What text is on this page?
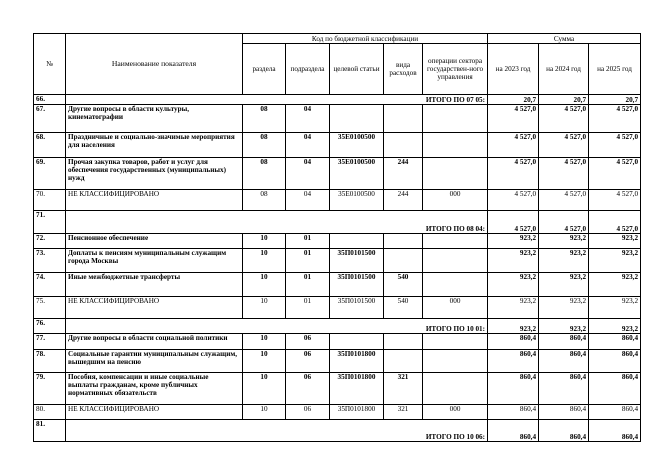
№	Наименование показателя	Код по бюджетной классификации					Сумма		
		раздела	подраздела	целевой статьи	вида расходов	операции сектора государствен-ного управления	на 2023 год	на 2024 год	на 2025 год
66.	ИТОГО ПО 07 05:						20,7	20,7	20,7
67.	Другие вопросы в области культуры, кинематографии	08	04				4 527,0	4 527,0	4 527,0
68.	Праздничные и социально-значимые мероприятия для населения	08	04	35Е0100500			4 527,0	4 527,0	4 527,0
69.	Прочая закупка товаров, работ и услуг для обеспечения государственных (муниципальных) нужд	08	04	35Е0100500	244		4 527,0	4 527,0	4 527,0
70.	НЕ КЛАССИФИЦИРОВАНО	08	04	35Е0100500	244	000	4 527,0	4 527,0	4 527,0
71.	ИТОГО ПО 08 04:						4 527,0	4 527,0	4 527,0
72.	Пенсионное обеспечение	10	01				923,2	923,2	923,2
73.	Доплаты к пенсиям муниципальным служащим города Москвы	10	01	35П0101500			923,2	923,2	923,2
74.	Иные межбюджетные трансферты	10	01	35П0101500	540		923,2	923,2	923,2
75.	НЕ КЛАССИФИЦИРОВАНО	10	01	35П0101500	540	000	923,2	923,2	923,2
76.	ИТОГО ПО 10 01:						923,2	923,2	923,2
77.	Другие вопросы в области социальной политики	10	06				860,4	860,4	860,4
78.	Социальные гарантии муниципальным служащим, вышедшим на пенсию	10	06	35П0101800			860,4	860,4	860,4
79.	Пособия, компенсации и иные социальные выплаты гражданам, кроме публичных нормативных обязательств	10	06	35П0101800	321		860,4	860,4	860,4
80.	НЕ КЛАССИФИЦИРОВАНО	10	06	35П0101800	321	000	860,4	860,4	860,4
81.	ИТОГО ПО 10 06:						860,4	860,4	860,4
